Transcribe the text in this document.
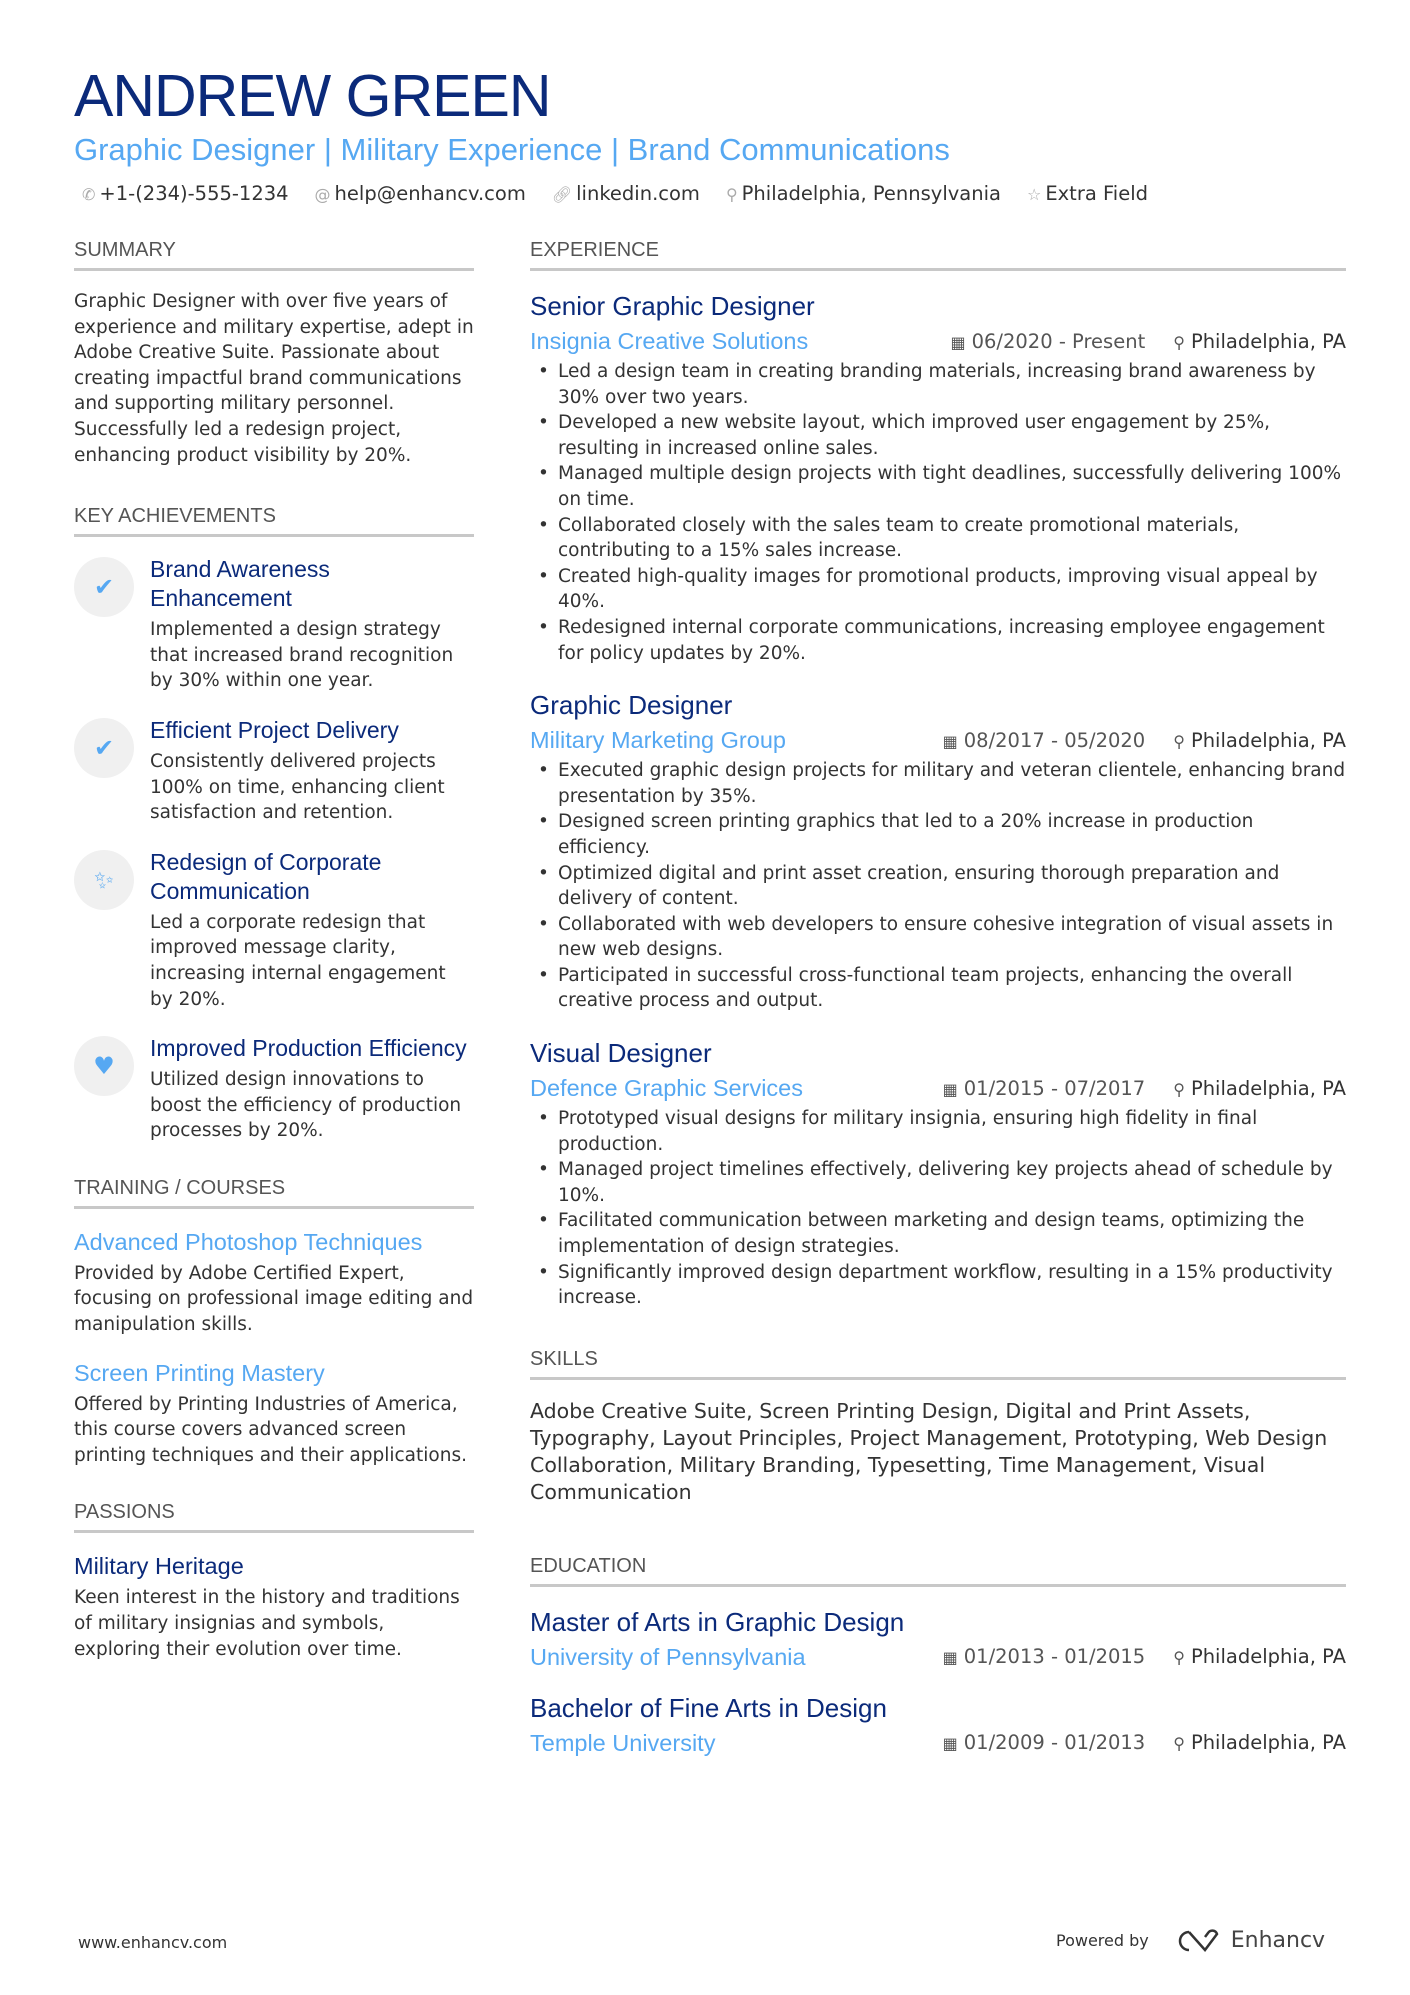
ANDREW GREEN
Graphic Designer | Military Experience | Brand Communications
✆ +1-(234)-555-1234 @ help@enhancv.com 🔗︎ linkedin.com ⚲ Philadelphia, Pennsylvania ☆ Extra Field
SUMMARY
Graphic Designer with over five years of experience and military expertise, adept in Adobe Creative Suite. Passionate about creating impactful brand communications and supporting military personnel. Successfully led a redesign project, enhancing product visibility by 20%.
KEY ACHIEVEMENTS
✔
Brand Awareness Enhancement
Implemented a design strategy that increased brand recognition by 30% within one year.
✔
Efficient Project Delivery
Consistently delivered projects 100% on time, enhancing client satisfaction and retention.
✨︎
Redesign of Corporate Communication
Led a corporate redesign that improved message clarity, increasing internal engagement by 20%.
♥
Improved Production Efficiency
Utilized design innovations to boost the efficiency of production processes by 20%.
TRAINING / COURSES
Advanced Photoshop Techniques
Provided by Adobe Certified Expert, focusing on professional image editing and manipulation skills.
Screen Printing Mastery
Offered by Printing Industries of America, this course covers advanced screen printing techniques and their applications.
PASSIONS
Military Heritage
Keen interest in the history and traditions of military insignias and symbols, exploring their evolution over time.
EXPERIENCE
Senior Graphic Designer
Insignia Creative Solutions	▦ 06/2020 - Present ⚲ Philadelphia, PA
• Led a design team in creating branding materials, increasing brand awareness by 30% over two years.
• Developed a new website layout, which improved user engagement by 25%, resulting in increased online sales.
• Managed multiple design projects with tight deadlines, successfully delivering 100% on time.
• Collaborated closely with the sales team to create promotional materials, contributing to a 15% sales increase.
• Created high-quality images for promotional products, improving visual appeal by 40%.
• Redesigned internal corporate communications, increasing employee engagement for policy updates by 20%.
Graphic Designer
Military Marketing Group	▦ 08/2017 - 05/2020 ⚲ Philadelphia, PA
• Executed graphic design projects for military and veteran clientele, enhancing brand presentation by 35%.
• Designed screen printing graphics that led to a 20% increase in production efficiency.
• Optimized digital and print asset creation, ensuring thorough preparation and delivery of content.
• Collaborated with web developers to ensure cohesive integration of visual assets in new web designs.
• Participated in successful cross-functional team projects, enhancing the overall creative process and output.
Visual Designer
Defence Graphic Services	▦ 01/2015 - 07/2017 ⚲ Philadelphia, PA
• Prototyped visual designs for military insignia, ensuring high fidelity in final production.
• Managed project timelines effectively, delivering key projects ahead of schedule by 10%.
• Facilitated communication between marketing and design teams, optimizing the implementation of design strategies.
• Significantly improved design department workflow, resulting in a 15% productivity increase.
SKILLS
Adobe Creative Suite, Screen Printing Design, Digital and Print Assets, Typography, Layout Principles, Project Management, Prototyping, Web Design Collaboration, Military Branding, Typesetting, Time Management, Visual Communication
EDUCATION
Master of Arts in Graphic Design
University of Pennsylvania	▦ 01/2013 - 01/2015 ⚲ Philadelphia, PA
Bachelor of Fine Arts in Design
Temple University	▦ 01/2009 - 01/2013 ⚲ Philadelphia, PA
www.enhancv.com	Powered by	Enhancv
